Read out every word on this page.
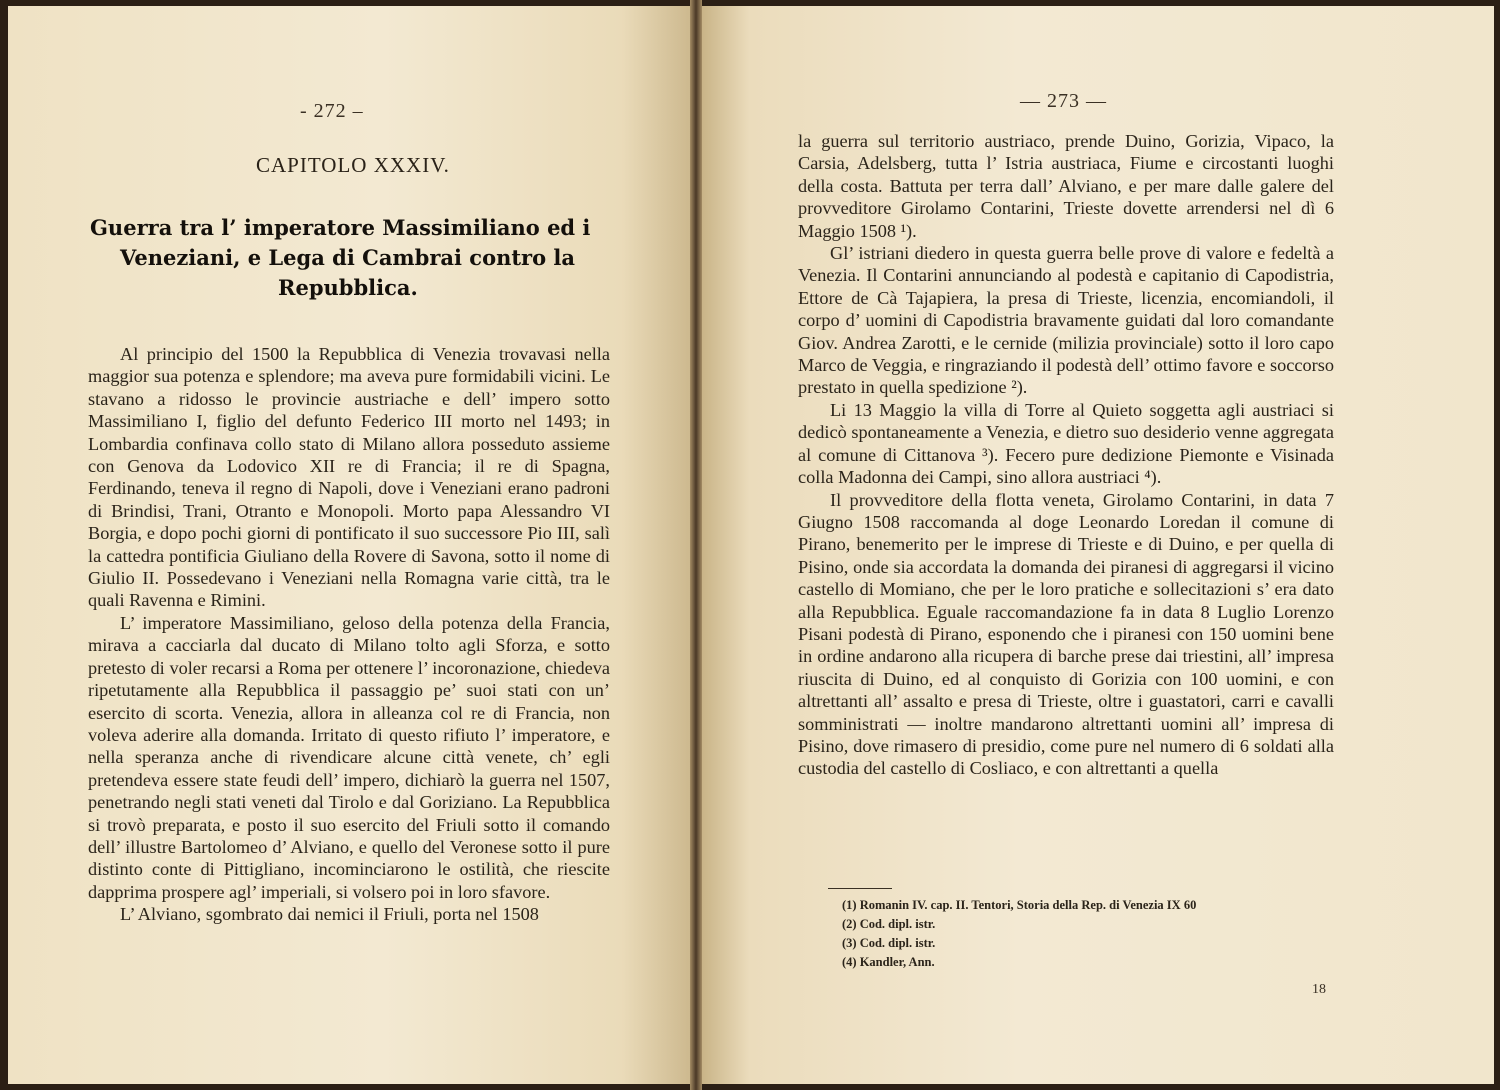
- 272 –
CAPITOLO XXXIV.
Guerra tra l’ imperatore Massimiliano ed i
Veneziani, e Lega di Cambrai contro la
Repubblica.

Al principio del 1500 la Repubblica di Venezia trovavasi nella maggior sua potenza e splendore; ma aveva pure formidabili vicini. Le stavano a ridosso le provincie austriache e dell’ impero sotto Massimiliano I, figlio del defunto Federico III morto nel 1493; in Lombardia confinava collo stato di Milano allora posseduto assieme con Genova da Lodovico XII re di Francia; il re di Spagna, Ferdinando, teneva il regno di Napoli, dove i Veneziani erano padroni di Brindisi, Trani, Otranto e Monopoli. Morto papa Alessandro VI Borgia, e dopo pochi giorni di pontificato il suo successore Pio III, salì la cattedra pontificia Giuliano della Rovere di Savona, sotto il nome di Giulio II. Possedevano i Veneziani nella Romagna varie città, tra le quali Ravenna e Rimini.

L’ imperatore Massimiliano, geloso della potenza della Francia, mirava a cacciarla dal ducato di Milano tolto agli Sforza, e sotto pretesto di voler recarsi a Roma per ottenere l’ incoronazione, chiedeva ripetutamente alla Repubblica il passaggio pe’ suoi stati con un’ esercito di scorta. Venezia, allora in alleanza col re di Francia, non voleva aderire alla domanda. Irritato di questo rifiuto l’ imperatore, e nella speranza anche di rivendicare alcune città venete, ch’ egli pretendeva essere state feudi dell’ impero, dichiarò la guerra nel 1507, penetrando negli stati veneti dal Tirolo e dal Goriziano. La Repubblica si trovò preparata, e posto il suo esercito del Friuli sotto il comando dell’ illustre Bartolomeo d’ Alviano, e quello del Veronese sotto il pure distinto conte di Pittigliano, incominciarono le ostilità, che riescite dapprima prospere agl’ imperiali, si volsero poi in loro sfavore.

L’ Alviano, sgombrato dai nemici il Friuli, porta nel 1508

— 273 —

la guerra sul territorio austriaco, prende Duino, Gorizia, Vipaco, la Carsia, Adelsberg, tutta l’ Istria austriaca, Fiume e circostanti luoghi della costa. Battuta per terra dall’ Alviano, e per mare dalle galere del provveditore Girolamo Contarini, Trieste dovette arrendersi nel dì 6 Maggio 1508 ¹).

Gl’ istriani diedero in questa guerra belle prove di valore e fedeltà a Venezia. Il Contarini annunciando al podestà e capitanio di Capodistria, Ettore de Cà Tajapiera, la presa di Trieste, licenzia, encomiandoli, il corpo d’ uomini di Capodistria bravamente guidati dal loro comandante Giov. Andrea Zarotti, e le cernide (milizia provinciale) sotto il loro capo Marco de Veggia, e ringraziando il podestà dell’ ottimo favore e soccorso prestato in quella spedizione ²).

Li 13 Maggio la villa di Torre al Quieto soggetta agli austriaci si dedicò spontaneamente a Venezia, e dietro suo desiderio venne aggregata al comune di Cittanova ³). Fecero pure dedizione Piemonte e Visinada colla Madonna dei Campi, sino allora austriaci ⁴).

Il provveditore della flotta veneta, Girolamo Contarini, in data 7 Giugno 1508 raccomanda al doge Leonardo Loredan il comune di Pirano, benemerito per le imprese di Trieste e di Duino, e per quella di Pisino, onde sia accordata la domanda dei piranesi di aggregarsi il vicino castello di Momiano, che per le loro pratiche e sollecitazioni s’ era dato alla Repubblica. Eguale raccomandazione fa in data 8 Luglio Lorenzo Pisani podestà di Pirano, esponendo che i piranesi con 150 uomini bene in ordine andarono alla ricupera di barche prese dai triestini, all’ impresa riuscita di Duino, ed al conquisto di Gorizia con 100 uomini, e con altrettanti all’ assalto e presa di Trieste, oltre i guastatori, carri e cavalli somministrati — inoltre mandarono altrettanti uomini all’ impresa di Pisino, dove rimasero di presidio, come pure nel numero di 6 soldati alla custodia del castello di Cosliaco, e con altrettanti a quella

(1) Romanin IV. cap. II. Tentori, Storia della Rep. di Venezia IX 60
(2) Cod. dipl. istr.
(3) Cod. dipl. istr.
(4) Kandler, Ann.
18
